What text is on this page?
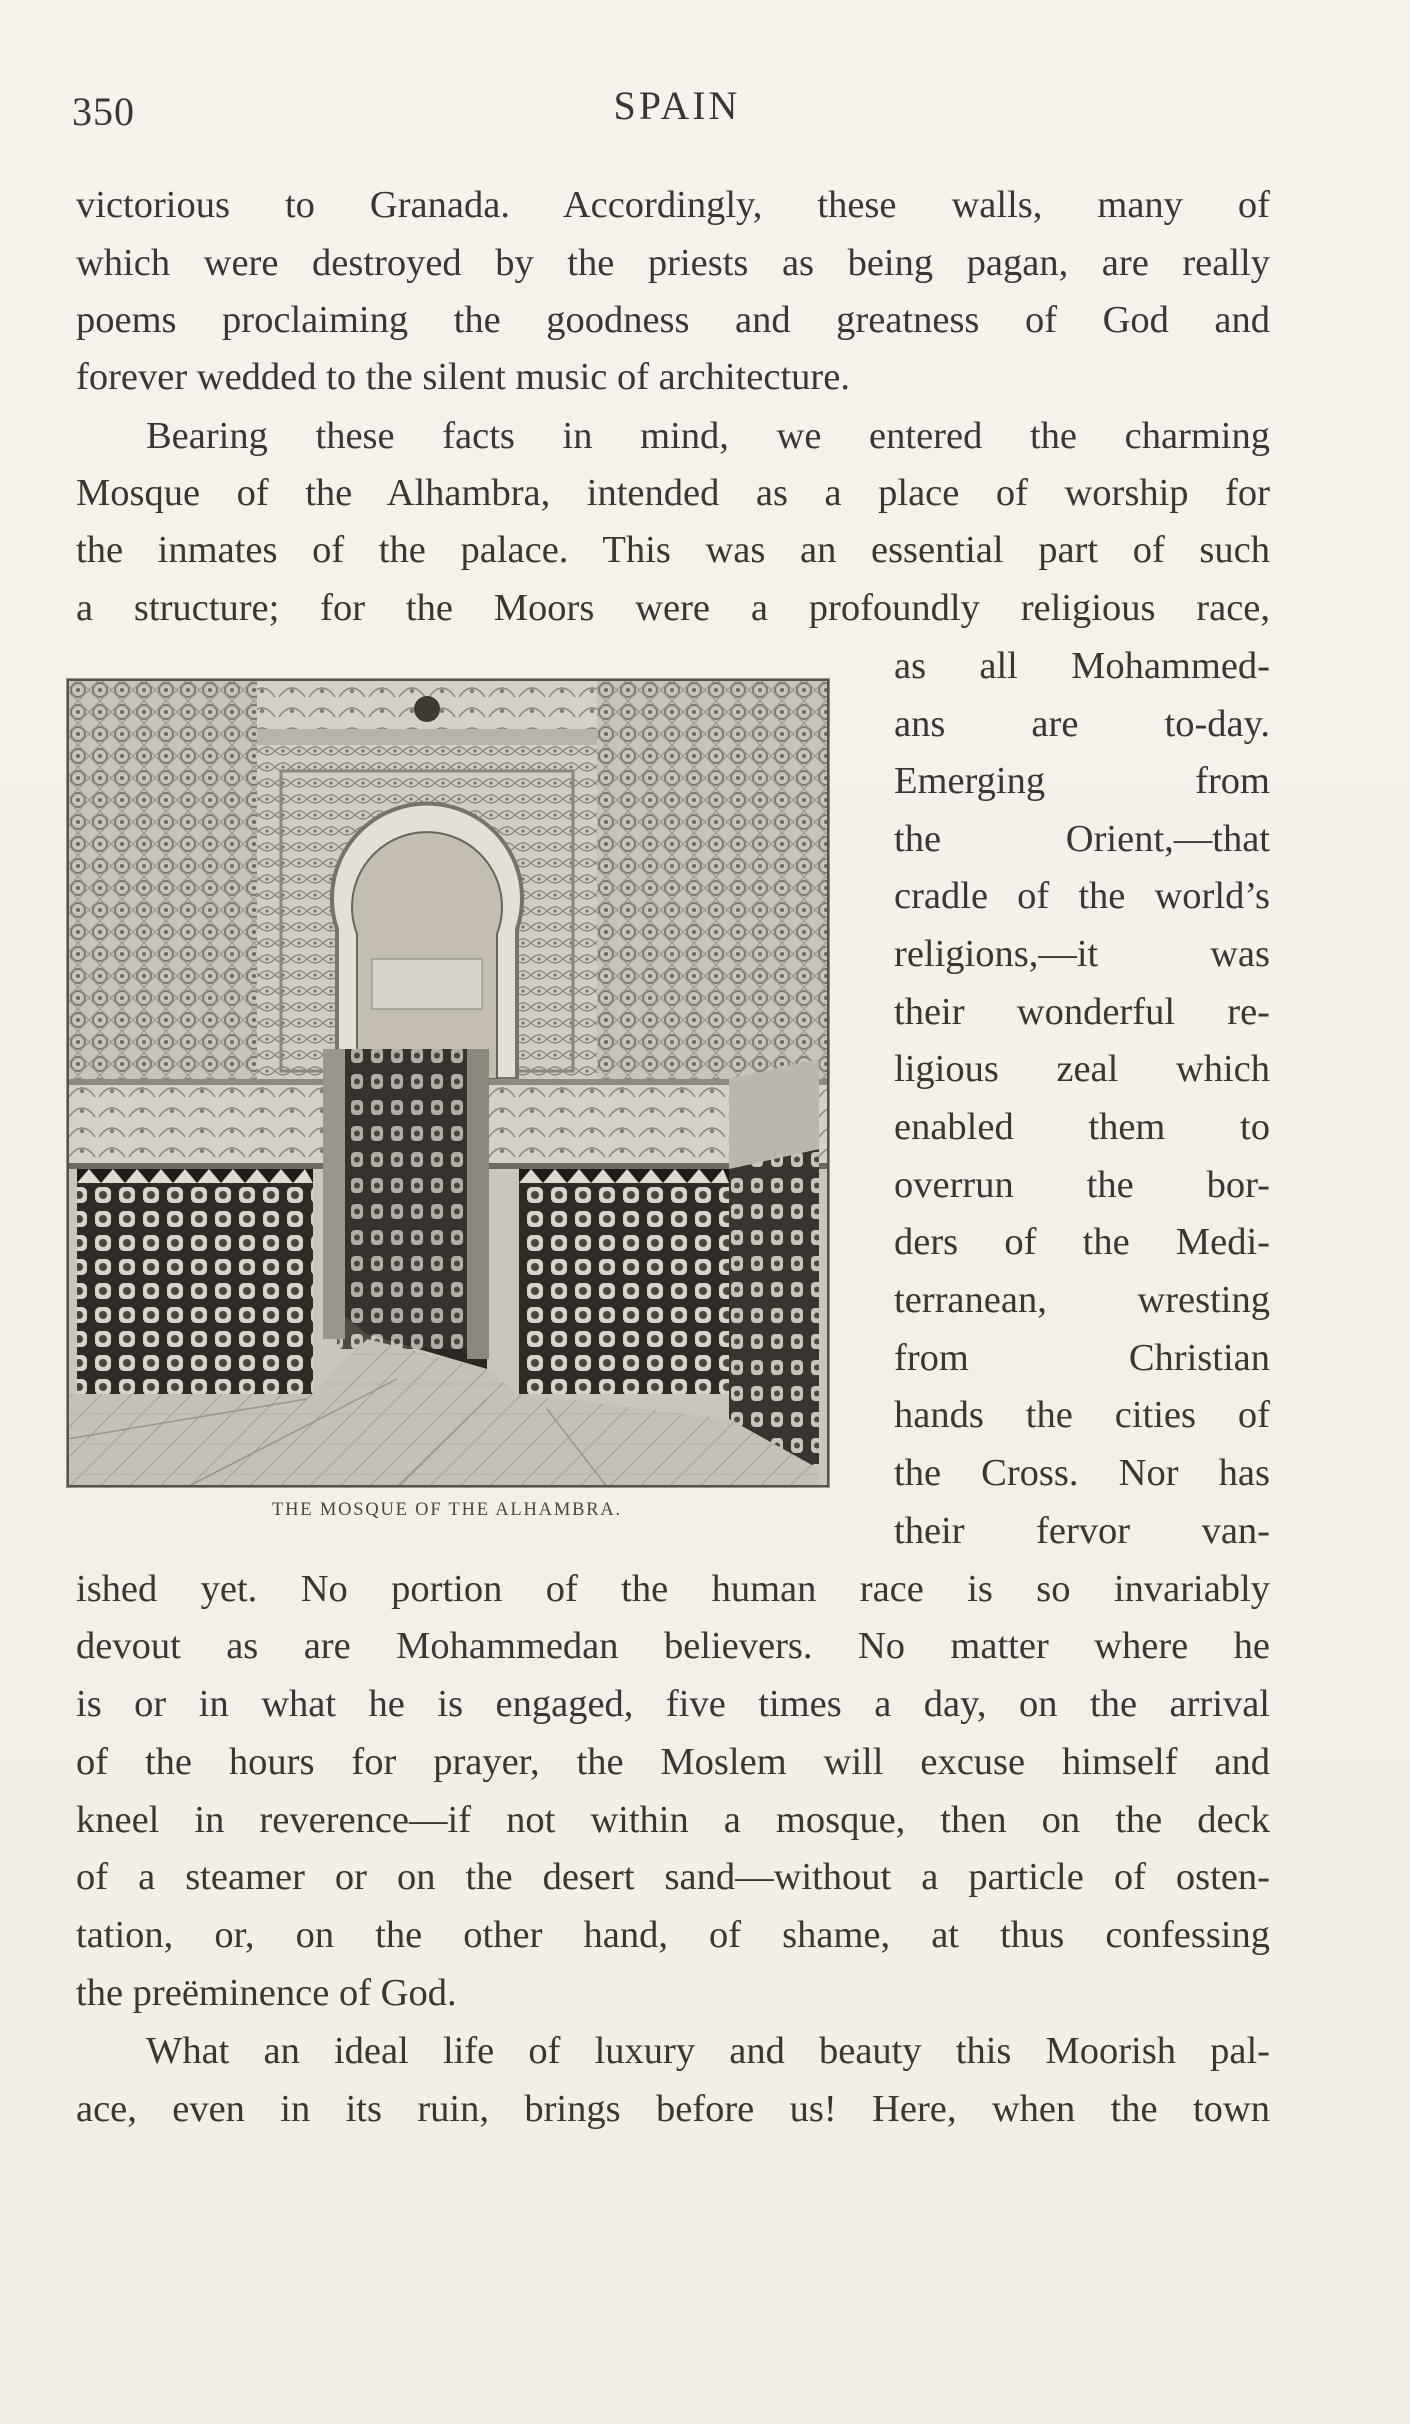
350	SPAIN
victorious to Granada. Accordingly, these walls, many of
which were destroyed by the priests as being pagan, are really
poems proclaiming the goodness and greatness of God and
forever wedded to the silent music of architecture.
Bearing these facts in mind, we entered the charming
Mosque of the Alhambra, intended as a place of worship for
the inmates of the palace. This was an essential part of such
a structure; for the Moors were a profoundly religious race,
as all Mohammed-
ans are to-day.
Emerging from
the Orient,—that
cradle of the world’s
religions,—it was
their wonderful re-
ligious zeal which
enabled them to
overrun the bor-
ders of the Medi-
terranean, wresting
from Christian
hands the cities of
the Cross. Nor has
their fervor van-
THE MOSQUE OF THE ALHAMBRA.
ished yet. No portion of the human race is so invariably
devout as are Mohammedan believers. No matter where he
is or in what he is engaged, five times a day, on the arrival
of the hours for prayer, the Moslem will excuse himself and
kneel in reverence—if not within a mosque, then on the deck
of a steamer or on the desert sand—without a particle of osten-
tation, or, on the other hand, of shame, at thus confessing
the preëminence of God.
What an ideal life of luxury and beauty this Moorish pal-
ace, even in its ruin, brings before us! Here, when the town
